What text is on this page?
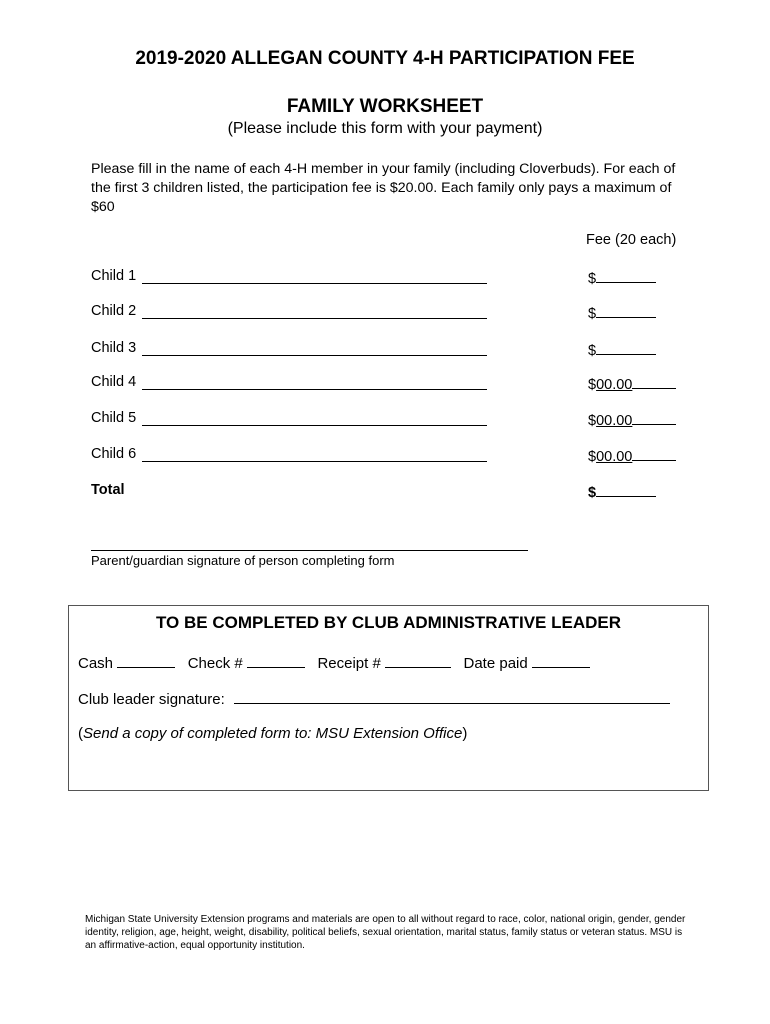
2019-2020 ALLEGAN COUNTY 4-H PARTICIPATION FEE
FAMILY WORKSHEET
(Please include this form with your payment)
Please fill in the name of each 4-H member in your family (including Cloverbuds). For each of the first 3 children listed, the participation fee is $20.00. Each family only pays a maximum of $60
Fee (20 each)
Child 1	$
Child 2	$
Child 3	$
Child 4	$00.00
Child 5	$00.00
Child 6	$00.00
Total	$
Parent/guardian signature of person completing form
TO BE COMPLETED BY CLUB ADMINISTRATIVE LEADER
Cash	Check #	Receipt #	Date paid
Club leader signature:
(Send a copy of completed form to: MSU Extension Office)
Michigan State University Extension programs and materials are open to all without regard to race, color, national origin, gender, gender identity, religion, age, height, weight, disability, political beliefs, sexual orientation, marital status, family status or veteran status. MSU is an affirmative-action, equal opportunity institution.
